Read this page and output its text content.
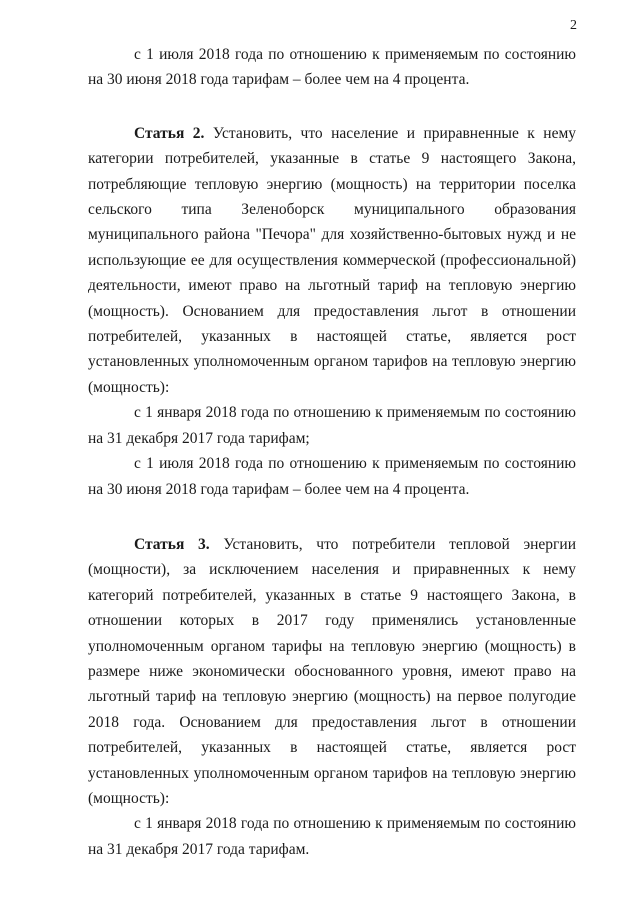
2

с 1 июля 2018 года по отношению к применяемым по состоянию на 30 июня 2018 года тарифам – более чем на 4 процента.

Статья 2. Установить, что население и приравненные к нему категории потребителей, указанные в статье 9 настоящего Закона, потребляющие тепловую энергию (мощность) на территории поселка сельского типа Зеленоборск муниципального образования муниципального района "Печора" для хозяйственно-бытовых нужд и не использующие ее для осуществления коммерческой (профессиональной) деятельности, имеют право на льготный тариф на тепловую энергию (мощность). Основанием для предоставления льгот в отношении потребителей, указанных в настоящей статье, является рост установленных уполномоченным органом тарифов на тепловую энергию (мощность):

с 1 января 2018 года по отношению к применяемым по состоянию на 31 декабря 2017 года тарифам;

с 1 июля 2018 года по отношению к применяемым по состоянию на 30 июня 2018 года тарифам – более чем на 4 процента.

Статья 3. Установить, что потребители тепловой энергии (мощности), за исключением населения и приравненных к нему категорий потребителей, указанных в статье 9 настоящего Закона, в отношении которых в 2017 году применялись установленные уполномоченным органом тарифы на тепловую энергию (мощность) в размере ниже экономически обоснованного уровня, имеют право на льготный тариф на тепловую энергию (мощность) на первое полугодие 2018 года. Основанием для предоставления льгот в отношении потребителей, указанных в настоящей статье, является рост установленных уполномоченным органом тарифов на тепловую энергию (мощность):

с 1 января 2018 года по отношению к применяемым по состоянию на 31 декабря 2017 года тарифам.
